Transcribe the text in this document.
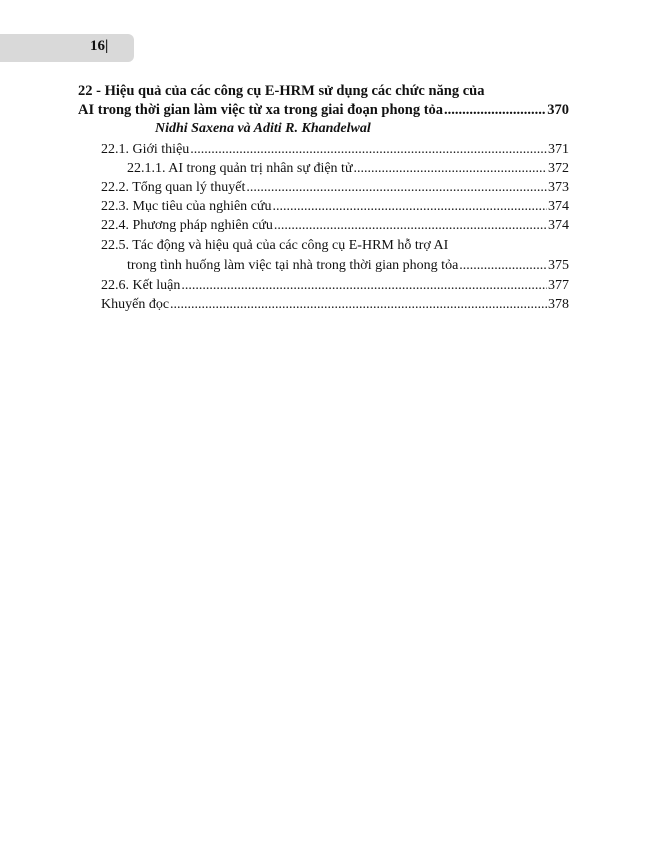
16|
22 - Hiệu quả của các công cụ E-HRM sử dụng các chức năng của
AI trong thời gian làm việc từ xa trong giai đoạn phong tỏa .....	370
Nidhi Saxena và Aditi R. Khandelwal
22.1. Giới thiệu .....	371
22.1.1. AI trong quản trị nhân sự điện tử .....	372
22.2. Tổng quan lý thuyết .....	373
22.3. Mục tiêu của nghiên cứu .....	374
22.4. Phương pháp nghiên cứu .....	374
22.5. Tác động và hiệu quả của các công cụ E-HRM hỗ trợ AI
trong tình huống làm việc tại nhà trong thời gian phong tỏa .....	375
22.6. Kết luận .....	377
Khuyến đọc .....	378
